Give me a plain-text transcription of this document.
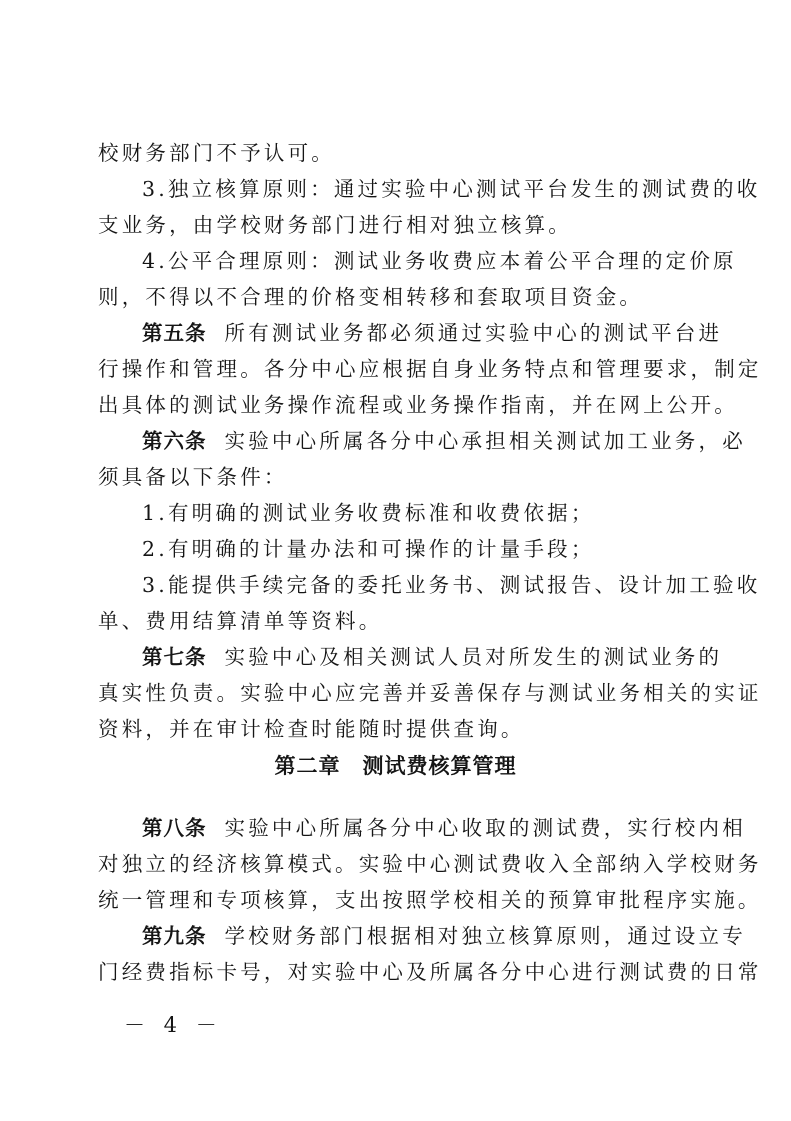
校财务部门不予认可。
3.独立核算原则：通过实验中心测试平台发生的测试费的收
支业务，由学校财务部门进行相对独立核算。
4.公平合理原则：测试业务收费应本着公平合理的定价原
则，不得以不合理的价格变相转移和套取项目资金。
第五条 所有测试业务都必须通过实验中心的测试平台进
行操作和管理。各分中心应根据自身业务特点和管理要求，制定
出具体的测试业务操作流程或业务操作指南，并在网上公开。
第六条 实验中心所属各分中心承担相关测试加工业务，必
须具备以下条件：
1.有明确的测试业务收费标准和收费依据；
2.有明确的计量办法和可操作的计量手段；
3.能提供手续完备的委托业务书、测试报告、设计加工验收
单、费用结算清单等资料。
第七条 实验中心及相关测试人员对所发生的测试业务的
真实性负责。实验中心应完善并妥善保存与测试业务相关的实证
资料，并在审计检查时能随时提供查询。
第二章 测试费核算管理
第八条 实验中心所属各分中心收取的测试费，实行校内相
对独立的经济核算模式。实验中心测试费收入全部纳入学校财务
统一管理和专项核算，支出按照学校相关的预算审批程序实施。
第九条 学校财务部门根据相对独立核算原则，通过设立专
门经费指标卡号，对实验中心及所属各分中心进行测试费的日常
－ 4 －
